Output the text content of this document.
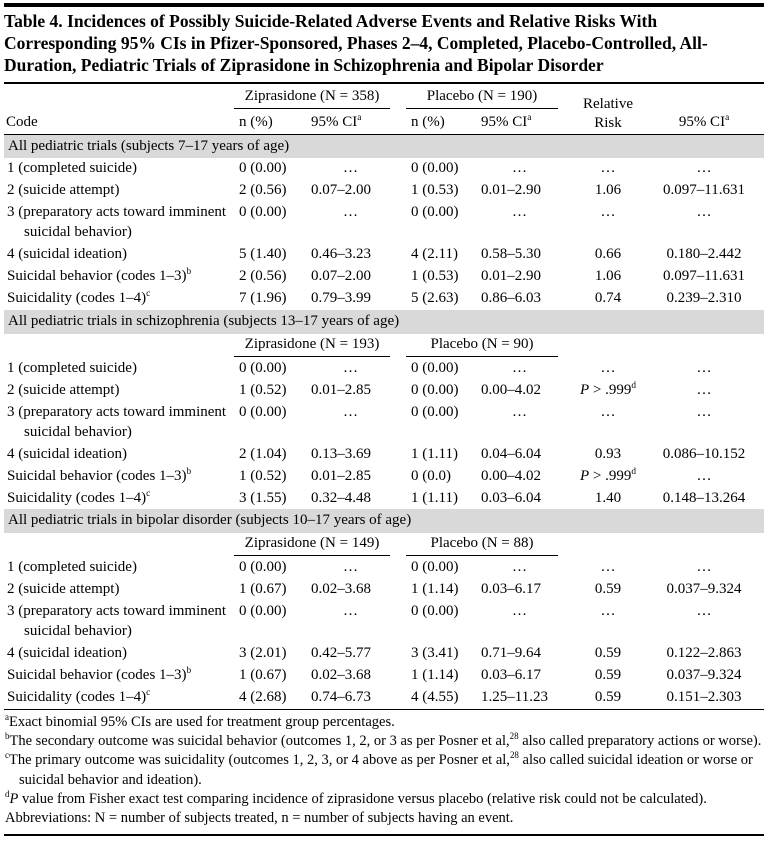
Table 4. Incidences of Possibly Suicide-Related Adverse Events and Relative Risks With Corresponding 95% CIs in Pfizer-Sponsored, Phases 2–4, Completed, Placebo-Controlled, All-Duration, Pediatric Trials of Ziprasidone in Schizophrenia and Bipolar Disorder

	Ziprasidone (N = 358)		Placebo (N = 190)		Relative
Risk	

Code	n (%)	95% $CI^a$	n (%)	95% $CI^a$		95% $CI^a$
All pediatric trials (subjects 7–17 years of age)						
1 (completed suicide)	0 (0.00)	…	0 (0.00)	…	…	…
2 (suicide attempt)	2 (0.56)	0.07–2.00	1 (0.53)	0.01–2.90	1.06	0.097–11.631
3 (preparatory acts toward imminent suicidal behavior)	0 (0.00)	…	0 (0.00)	…	…	…
4 (suicidal ideation)	5 (1.40)	0.46–3.23	4 (2.11)	0.58–5.30	0.66	0.180–2.442
Suicidal behavior (codes 1–3)$^b$	2 (0.56)	0.07–2.00	1 (0.53)	0.01–2.90	1.06	0.097–11.631
Suicidality (codes 1–4)$^c$	7 (1.96)	0.79–3.99	5 (2.63)	0.86–6.03	0.74	0.239–2.310
All pediatric trials in schizophrenia (subjects 13–17 years of age)						

	Ziprasidone (N = 193)		Placebo (N = 90)			

1 (completed suicide)	0 (0.00)	…	0 (0.00)	…	…	…
2 (suicide attempt)	1 (0.52)	0.01–2.85	0 (0.00)	0.00–4.02	P > .999$^d$	…
3 (preparatory acts toward imminent suicidal behavior)	0 (0.00)	…	0 (0.00)	…	…	…
4 (suicidal ideation)	2 (1.04)	0.13–3.69	1 (1.11)	0.04–6.04	0.93	0.086–10.152
Suicidal behavior (codes 1–3)$^b$	1 (0.52)	0.01–2.85	0 (0.0)	0.00–4.02	P > .999$^d$	…
Suicidality (codes 1–4)$^c$	3 (1.55)	0.32–4.48	1 (1.11)	0.03–6.04	1.40	0.148–13.264
All pediatric trials in bipolar disorder (subjects 10–17 years of age)						

	Ziprasidone (N = 149)		Placebo (N = 88)			

1 (completed suicide)	0 (0.00)	…	0 (0.00)	…	…	…
2 (suicide attempt)	1 (0.67)	0.02–3.68	1 (1.14)	0.03–6.17	0.59	0.037–9.324
3 (preparatory acts toward imminent suicidal behavior)	0 (0.00)	…	0 (0.00)	…	…	…
4 (suicidal ideation)	3 (2.01)	0.42–5.77	3 (3.41)	0.71–9.64	0.59	0.122–2.863
Suicidal behavior (codes 1–3)$^b$	1 (0.67)	0.02–3.68	1 (1.14)	0.03–6.17	0.59	0.037–9.324
Suicidality (codes 1–4)$^c$	4 (2.68)	0.74–6.73	4 (4.55)	1.25–11.23	0.59	0.151–2.303
$^a$Exact binomial 95% CIs are used for treatment group percentages.
$^b$The secondary outcome was suicidal behavior (outcomes 1, 2, or 3 as per Posner et al,$^{28}$ also called preparatory actions or worse).
$^c$The primary outcome was suicidality (outcomes 1, 2, 3, or 4 above as per Posner et al,$^{28}$ also called suicidal ideation or worse or suicidal behavior and ideation).
$^d$P value from Fisher exact test comparing incidence of ziprasidone versus placebo (relative risk could not be calculated).
Abbreviations: N = number of subjects treated, n = number of subjects having an event.
